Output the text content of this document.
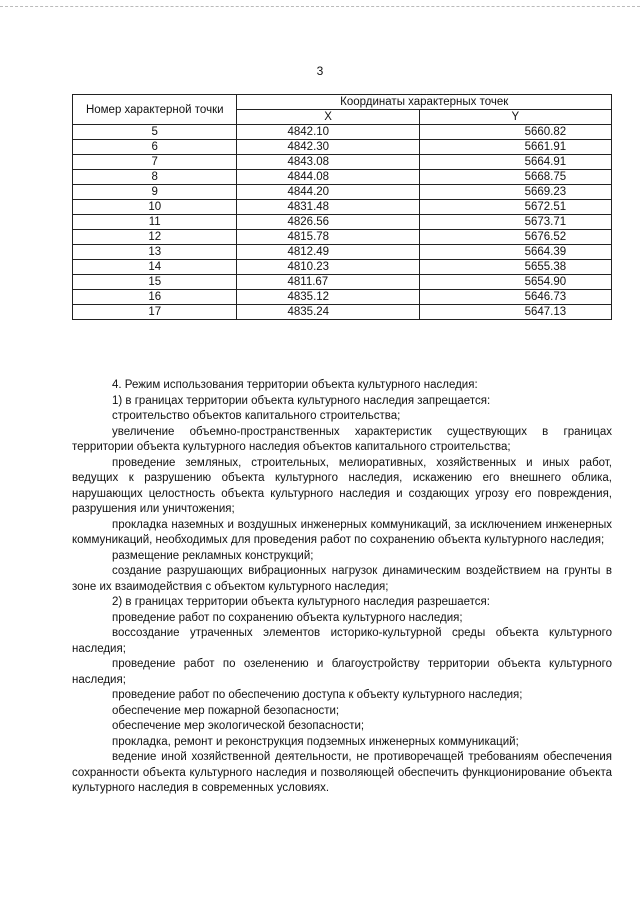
3
Номер характерной точки	Координаты характерных точек	
	X	Y
5	4842.10	5660.82
6	4842.30	5661.91
7	4843.08	5664.91
8	4844.08	5668.75
9	4844.20	5669.23
10	4831.48	5672.51
11	4826.56	5673.71
12	4815.78	5676.52
13	4812.49	5664.39
14	4810.23	5655.38
15	4811.67	5654.90
16	4835.12	5646.73
17	4835.24	5647.13

4. Режим использования территории объекта культурного наследия:

1) в границах территории объекта культурного наследия запрещается:

строительство объектов капитального строительства;

увеличение объемно-пространственных характеристик существующих в границах территории объекта культурного наследия объектов капитального строительства;

проведение земляных, строительных, мелиоративных, хозяйственных и иных работ, ведущих к разрушению объекта культурного наследия, искажению его внешнего облика, нарушающих целостность объекта культурного наследия и создающих угрозу его повреждения, разрушения или уничтожения;

прокладка наземных и воздушных инженерных коммуникаций, за исключением инженерных коммуникаций, необходимых для проведения работ по сохранению объекта культурного наследия;

размещение рекламных конструкций;

создание разрушающих вибрационных нагрузок динамическим воздействием на грунты в зоне их взаимодействия с объектом культурного наследия;

2) в границах территории объекта культурного наследия разрешается:

проведение работ по сохранению объекта культурного наследия;

воссоздание утраченных элементов историко-культурной среды объекта культурного наследия;

проведение работ по озеленению и благоустройству территории объекта культурного наследия;

проведение работ по обеспечению доступа к объекту культурного наследия;

обеспечение мер пожарной безопасности;

обеспечение мер экологической безопасности;

прокладка, ремонт и реконструкция подземных инженерных коммуникаций;

ведение иной хозяйственной деятельности, не противоречащей требованиям обеспечения сохранности объекта культурного наследия и позволяющей обеспечить функционирование объекта культурного наследия в современных условиях.
